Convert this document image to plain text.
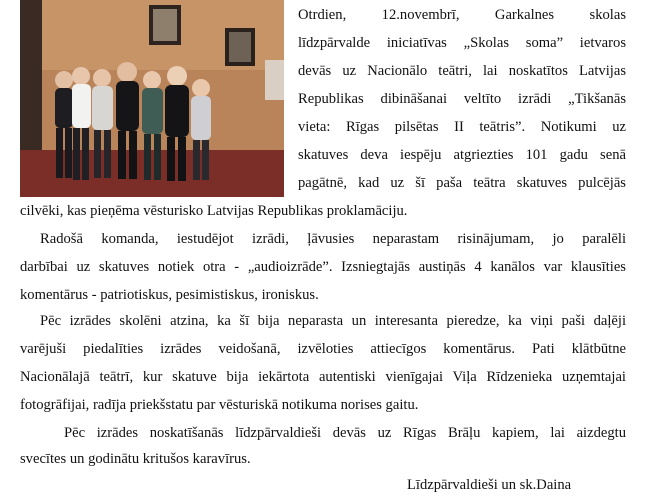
Otrdien, 12.novembrī, Garkalnes skolas
līdzpārvalde iniciatīvas „Skolas soma” ietvaros
devās uz Nacionālo teātri, lai noskatītos Latvijas
Republikas dibināšanai veltīto izrādi „Tikšanās
vieta: Rīgas pilsētas II teātris”. Notikumi uz
skatuves deva iespēju atgriezties 101 gadu senā
pagātnē, kad uz šī paša teātra skatuves pulcējās
cilvēki, kas pieņēma vēsturisko Latvijas Republikas proklamāciju.
Radošā komanda, iestudējot izrādi, ļāvusies neparastam risinājumam, jo paralēli
darbībai uz skatuves notiek otra - „audioizrāde”. Izsniegtajās austiņās 4 kanālos var klausīties
komentārus - patriotiskus, pesimistiskus, ironiskus.
Pēc izrādes skolēni atzina, ka šī bija neparasta un interesanta pieredze, ka viņi paši daļēji
varējuši piedalīties izrādes veidošanā, izvēloties attiecīgos komentārus. Pati klātbūtne
Nacionālajā teātrī, kur skatuve bija iekārtota autentiski vienīgajai Viļa Rīdzenieka uzņemtajai
fotogrāfijai, radīja priekšstatu par vēsturiskā notikuma norises gaitu.
Pēc izrādes noskatīšanās līdzpārvaldieši devās uz Rīgas Brāļu kapiem, lai aizdegtu
svecītes un godinātu kritušos karavīrus.
Līdzpārvaldieši un sk.Daina
